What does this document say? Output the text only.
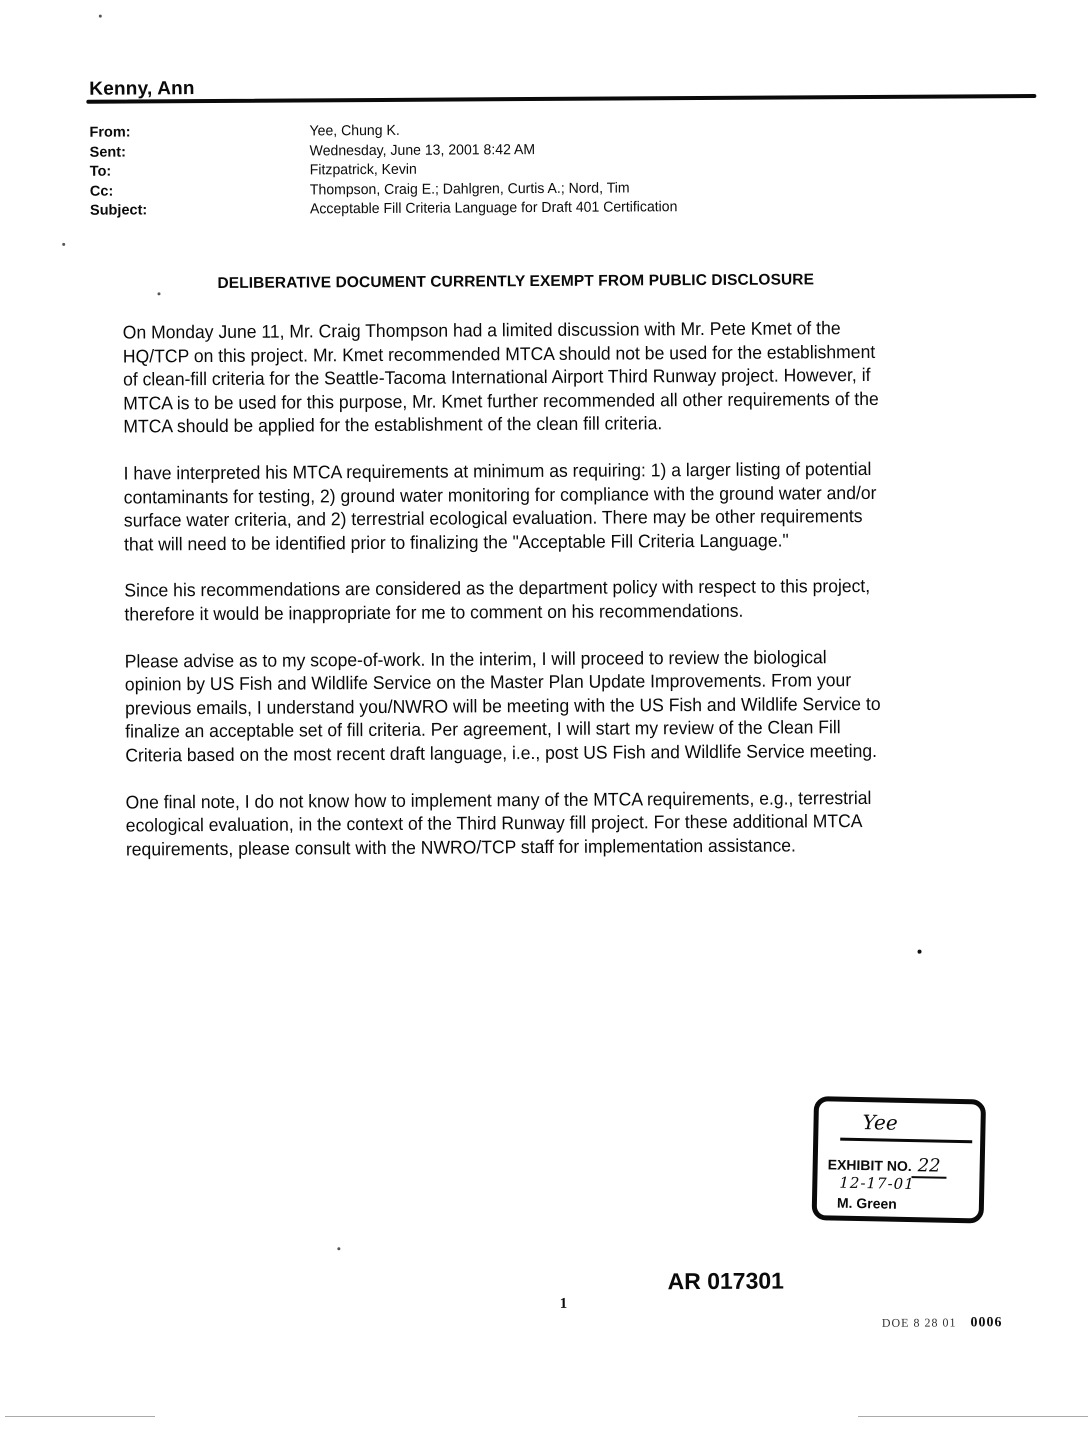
Kenny, Ann
From:	Yee, Chung K.
Sent:	Wednesday, June 13, 2001 8:42 AM
To:	Fitzpatrick, Kevin
Cc:	Thompson, Craig E.; Dahlgren, Curtis A.; Nord, Tim
Subject:	Acceptable Fill Criteria Language for Draft 401 Certification
DELIBERATIVE DOCUMENT CURRENTLY EXEMPT FROM PUBLIC DISCLOSURE

On Monday June 11, Mr. Craig Thompson had a limited discussion with Mr. Pete Kmet of the
HQ/TCP on this project. Mr. Kmet recommended MTCA should not be used for the establishment
of clean-fill criteria for the Seattle-Tacoma International Airport Third Runway project. However, if
MTCA is to be used for this purpose, Mr. Kmet further recommended all other requirements of the
MTCA should be applied for the establishment of the clean fill criteria.

I have interpreted his MTCA requirements at minimum as requiring: 1) a larger listing of potential
contaminants for testing, 2) ground water monitoring for compliance with the ground water and/or
surface water criteria, and 2) terrestrial ecological evaluation. There may be other requirements
that will need to be identified prior to finalizing the "Acceptable Fill Criteria Language."

Since his recommendations are considered as the department policy with respect to this project,
therefore it would be inappropriate for me to comment on his recommendations.

Please advise as to my scope-of-work. In the interim, I will proceed to review the biological
opinion by US Fish and Wildlife Service on the Master Plan Update Improvements. From your
previous emails, I understand you/NWRO will be meeting with the US Fish and Wildlife Service to
finalize an acceptable set of fill criteria. Per agreement, I will start my review of the Clean Fill
Criteria based on the most recent draft language, i.e., post US Fish and Wildlife Service meeting.

One final note, I do not know how to implement many of the MTCA requirements, e.g., terrestrial
ecological evaluation, in the context of the Third Runway fill project. For these additional MTCA
requirements, please consult with the NWRO/TCP staff for implementation assistance.

Yee
EXHIBIT NO. 22
12-17-01
M. Green
AR 017301
1
DOE 8 28 01 0006
